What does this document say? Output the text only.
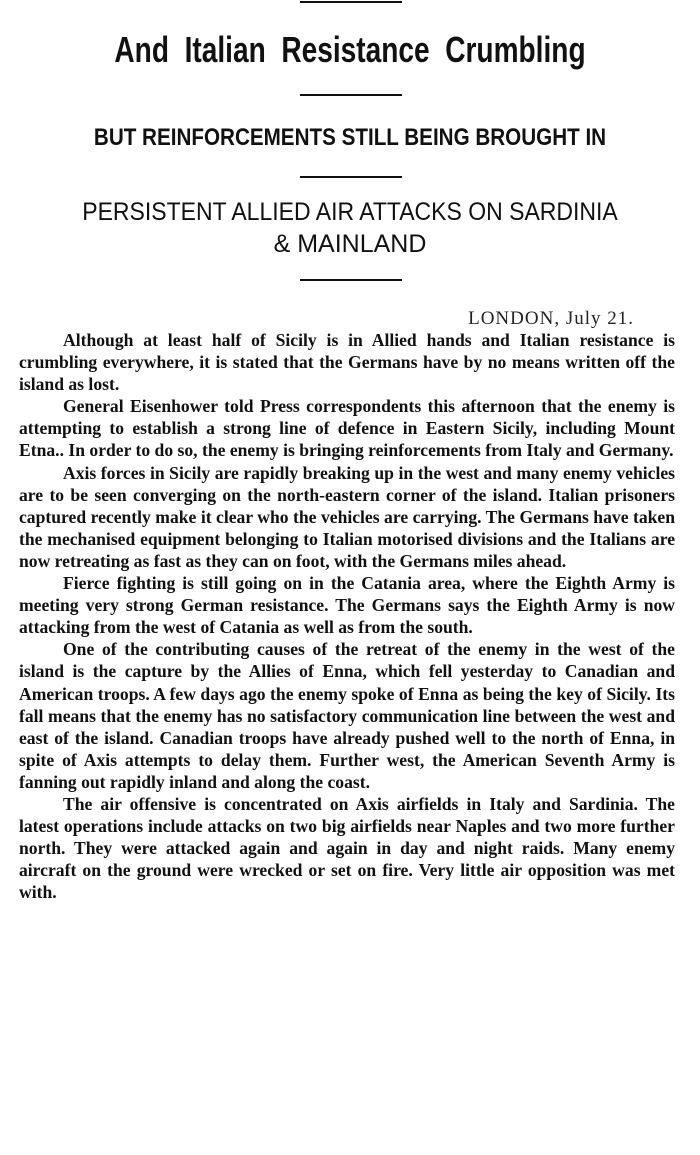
And Italian Resistance Crumbling
BUT REINFORCEMENTS STILL BEING BROUGHT IN
PERSISTENT ALLIED AIR ATTACKS ON SARDINIA
& MAINLAND

LONDON, July 21.

Although at least half of Sicily is in Allied hands and Italian resistance is crumbling everywhere, it is stated that the Germans have by no means written off the island as lost.

General Eisenhower told Press correspondents this afternoon that the enemy is attempting to establish a strong line of defence in Eastern Sicily, including Mount Etna.. In order to do so, the enemy is bringing reinforcements from Italy and Germany.

Axis forces in Sicily are rapidly breaking up in the west and many enemy vehicles are to be seen converging on the north-eastern corner of the island. Italian prisoners captured recently make it clear who the vehicles are carrying. The Germans have taken the mechanised equipment belonging to Italian motorised divisions and the Italians are now retreating as fast as they can on foot, with the Germans miles ahead.

Fierce fighting is still going on in the Catania area, where the Eighth Army is meeting very strong German resistance. The Germans says the Eighth Army is now attacking from the west of Catania as well as from the south.

One of the contributing causes of the retreat of the enemy in the west of the island is the capture by the Allies of Enna, which fell yesterday to Canadian and American troops. A few days ago the enemy spoke of Enna as being the key of Sicily. Its fall means that the enemy has no satisfactory communication line between the west and east of the island. Canadian troops have already pushed well to the north of Enna, in spite of Axis attempts to delay them. Further west, the American Seventh Army is fanning out rapidly inland and along the coast.

The air offensive is concentrated on Axis airfields in Italy and Sardinia. The latest operations include attacks on two big airfields near Naples and two more further north. They were attacked again and again in day and night raids. Many enemy aircraft on the ground were wrecked or set on fire. Very little air opposition was met with.
